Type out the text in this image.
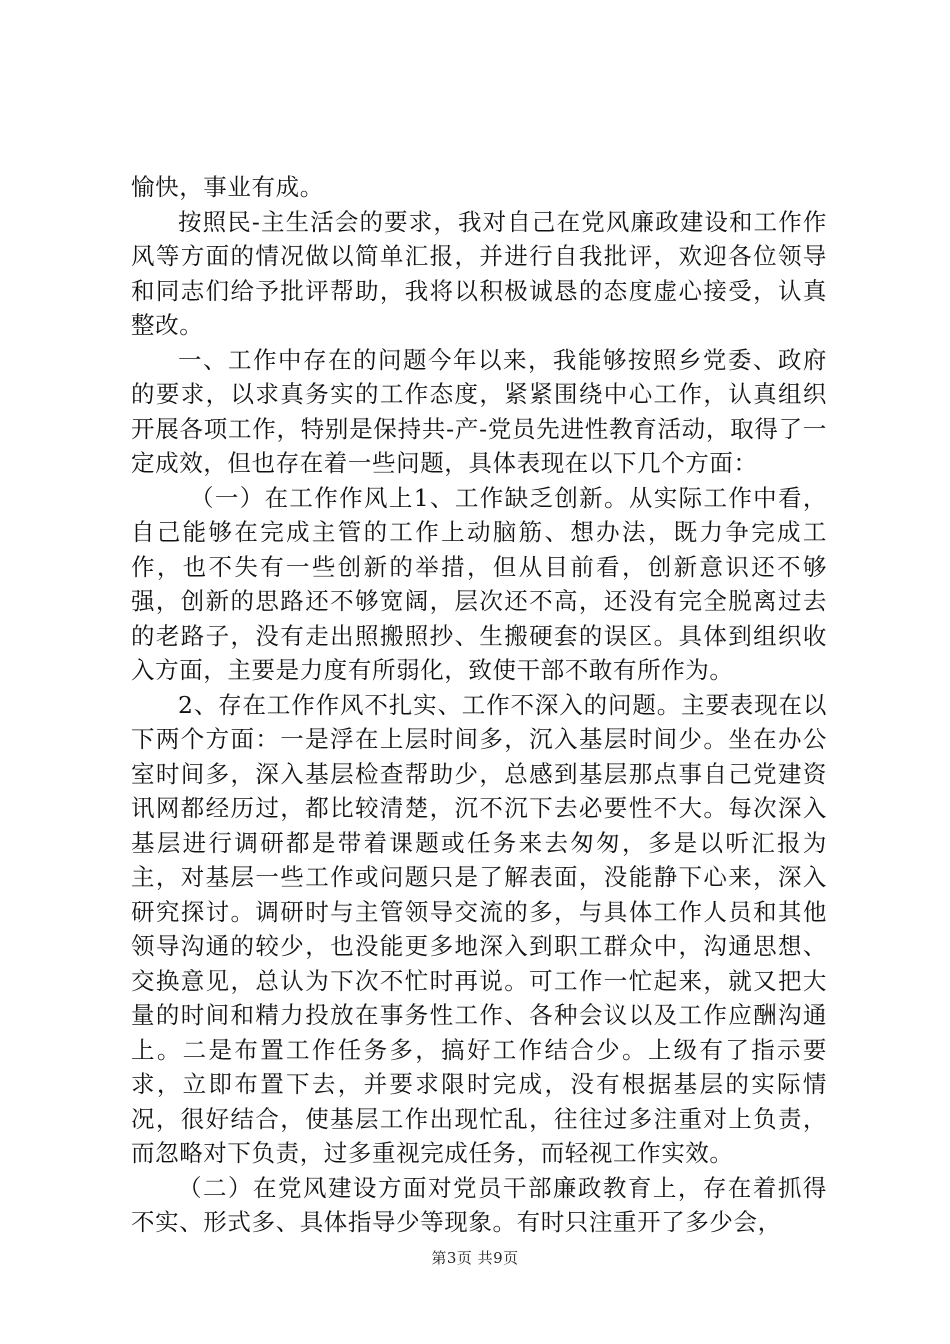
愉快，事业有成。

按照民-主生活会的要求，我对自己在党风廉政建设和工作作风等方面的情况做以简单汇报，并进行自我批评，欢迎各位领导和同志们给予批评帮助，我将以积极诚恳的态度虚心接受，认真整改。

一、工作中存在的问题今年以来，我能够按照乡党委、政府的要求，以求真务实的工作态度，紧紧围绕中心工作，认真组织开展各项工作，特别是保持共-产-党员先进性教育活动，取得了一定成效，但也存在着一些问题，具体表现在以下几个方面：

（一）在工作作风上1、工作缺乏创新。从实际工作中看，自己能够在完成主管的工作上动脑筋、想办法，既力争完成工作，也不失有一些创新的举措，但从目前看，创新意识还不够强，创新的思路还不够宽阔，层次还不高，还没有完全脱离过去的老路子，没有走出照搬照抄、生搬硬套的误区。具体到组织收入方面，主要是力度有所弱化，致使干部不敢有所作为。

2、存在工作作风不扎实、工作不深入的问题。主要表现在以下两个方面：一是浮在上层时间多，沉入基层时间少。坐在办公室时间多，深入基层检查帮助少，总感到基层那点事自己党建资讯网都经历过，都比较清楚，沉不沉下去必要性不大。每次深入基层进行调研都是带着课题或任务来去匆匆，多是以听汇报为主，对基层一些工作或问题只是了解表面，没能静下心来，深入研究探讨。调研时与主管领导交流的多，与具体工作人员和其他领导沟通的较少，也没能更多地深入到职工群众中，沟通思想、交换意见，总认为下次不忙时再说。可工作一忙起来，就又把大量的时间和精力投放在事务性工作、各种会议以及工作应酬沟通上。二是布置工作任务多，搞好工作结合少。上级有了指示要求，立即布置下去，并要求限时完成，没有根据基层的实际情况，很好结合，使基层工作出现忙乱，往往过多注重对上负责，而忽略对下负责，过多重视完成任务，而轻视工作实效。

（二）在党风建设方面对党员干部廉政教育上，存在着抓得不实、形式多、具体指导少等现象。有时只注重开了多少会，

第3页 共9页
